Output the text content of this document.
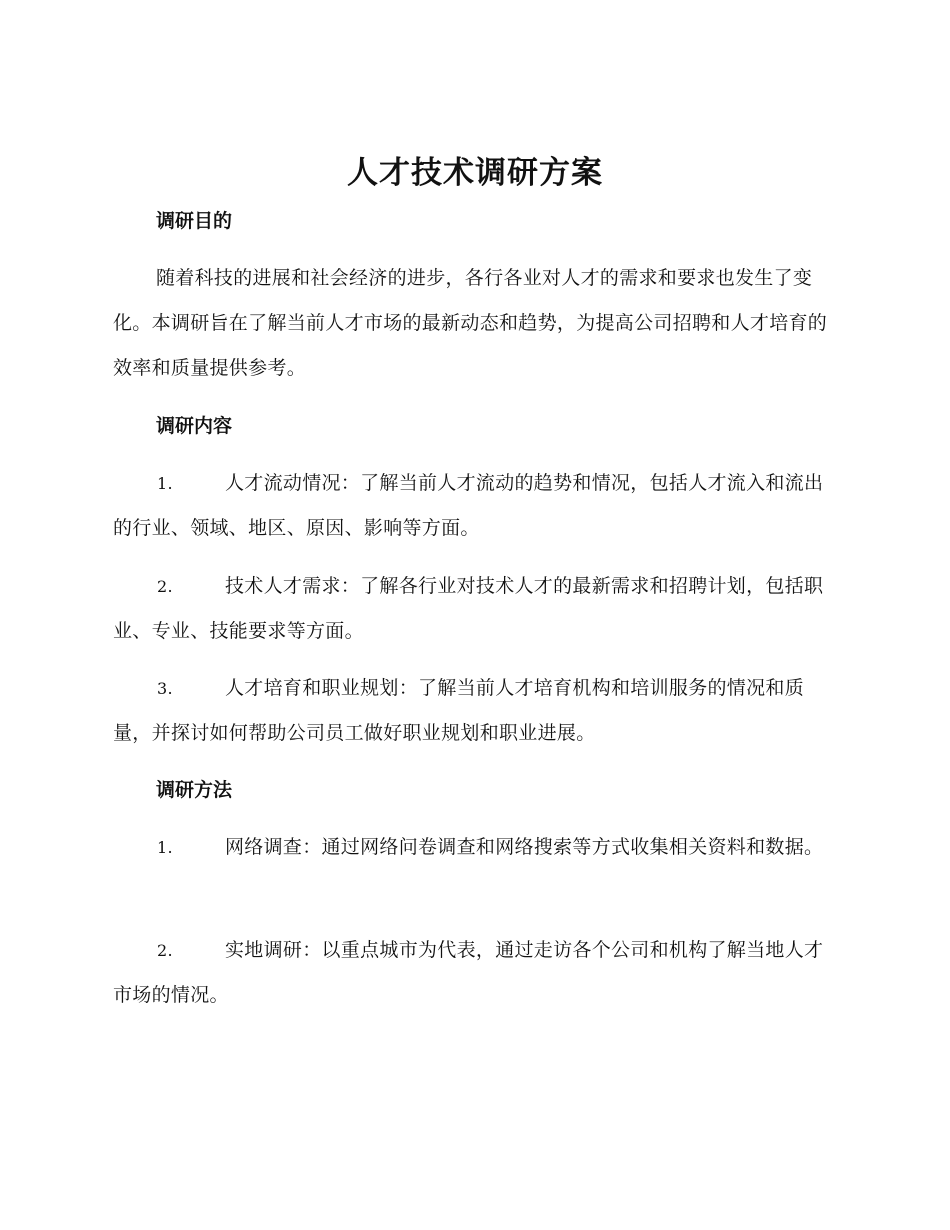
人才技术调研方案
调研目的

随着科技的进展和社会经济的进步，各行各业对人才的需求和要求也发生了变化。本调研旨在了解当前人才市场的最新动态和趋势，为提高公司招聘和人才培育的效率和质量提供参考。

调研内容
1.	人才流动情况：了解当前人才流动的趋势和情况，包括人才流入和流出的行业、领域、地区、原因、影响等方面。
2.	技术人才需求：了解各行业对技术人才的最新需求和招聘计划，包括职业、专业、技能要求等方面。
3.	人才培育和职业规划：了解当前人才培育机构和培训服务的情况和质量，并探讨如何帮助公司员工做好职业规划和职业进展。
调研方法
1.	网络调查：通过网络问卷调查和网络搜索等方式收集相关资料和数据。
2.	实地调研：以重点城市为代表，通过走访各个公司和机构了解当地人才市场的情况。
